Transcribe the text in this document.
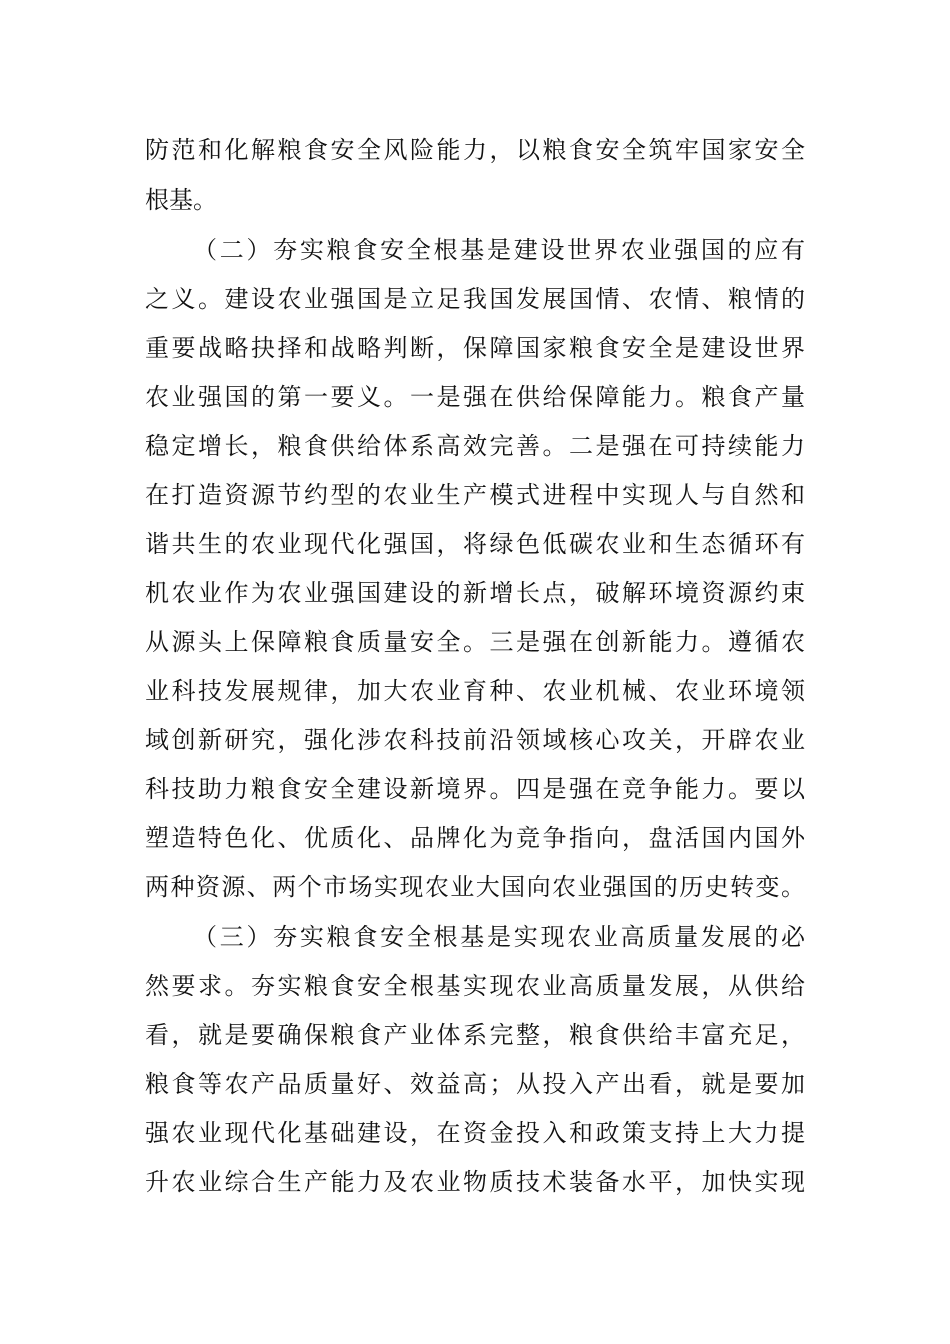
防范和化解粮食安全风险能力，以粮食安全筑牢国家安全
根基。
（二）夯实粮食安全根基是建设世界农业强国的应有
之义。建设农业强国是立足我国发展国情、农情、粮情的
重要战略抉择和战略判断，保障国家粮食安全是建设世界
农业强国的第一要义。一是强在供给保障能力。粮食产量
稳定增长，粮食供给体系高效完善。二是强在可持续能力
在打造资源节约型的农业生产模式进程中实现人与自然和
谐共生的农业现代化强国，将绿色低碳农业和生态循环有
机农业作为农业强国建设的新增长点，破解环境资源约束
从源头上保障粮食质量安全。三是强在创新能力。遵循农
业科技发展规律，加大农业育种、农业机械、农业环境领
域创新研究，强化涉农科技前沿领域核心攻关，开辟农业
科技助力粮食安全建设新境界。四是强在竞争能力。要以
塑造特色化、优质化、品牌化为竞争指向，盘活国内国外
两种资源、两个市场实现农业大国向农业强国的历史转变。
（三）夯实粮食安全根基是实现农业高质量发展的必
然要求。夯实粮食安全根基实现农业高质量发展，从供给
看，就是要确保粮食产业体系完整，粮食供给丰富充足，
粮食等农产品质量好、效益高；从投入产出看，就是要加
强农业现代化基础建设，在资金投入和政策支持上大力提
升农业综合生产能力及农业物质技术装备水平，加快实现
